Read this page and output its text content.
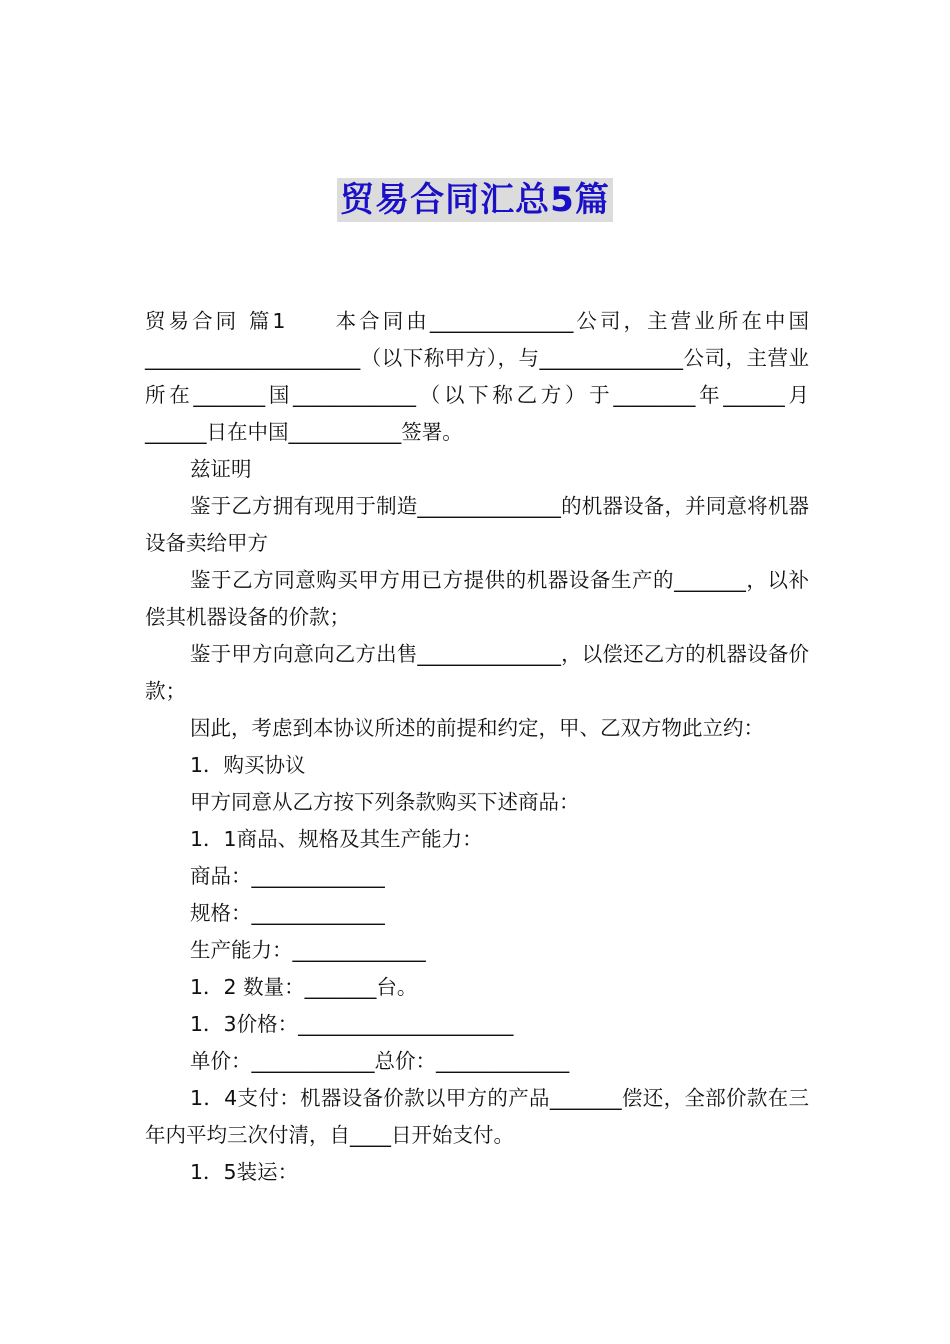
贸易合同汇总5篇

贸易合同 篇1　　本合同由______________公司，主营业所在中国_____________________（以下称甲方），与______________公司，主营业所在_______国____________（以下称乙方）于________年______月______日在中国___________签署。

兹证明

鉴于乙方拥有现用于制造______________的机器设备，并同意将机器设备卖给甲方

鉴于乙方同意购买甲方用已方提供的机器设备生产的_______，以补偿其机器设备的价款；

鉴于甲方向意向乙方出售______________，以偿还乙方的机器设备价款；

因此，考虑到本协议所述的前提和约定，甲、乙双方物此立约：

1．购买协议

甲方同意从乙方按下列条款购买下述商品：

1．1商品、规格及其生产能力：

商品：_____________

规格：_____________

生产能力：_____________

1．2 数量：_______台。

1．3价格：_____________________

单价：____________总价：_____________

1．4支付：机器设备价款以甲方的产品_______偿还，全部价款在三年内平均三次付清，自____日开始支付。

1．5装运：
